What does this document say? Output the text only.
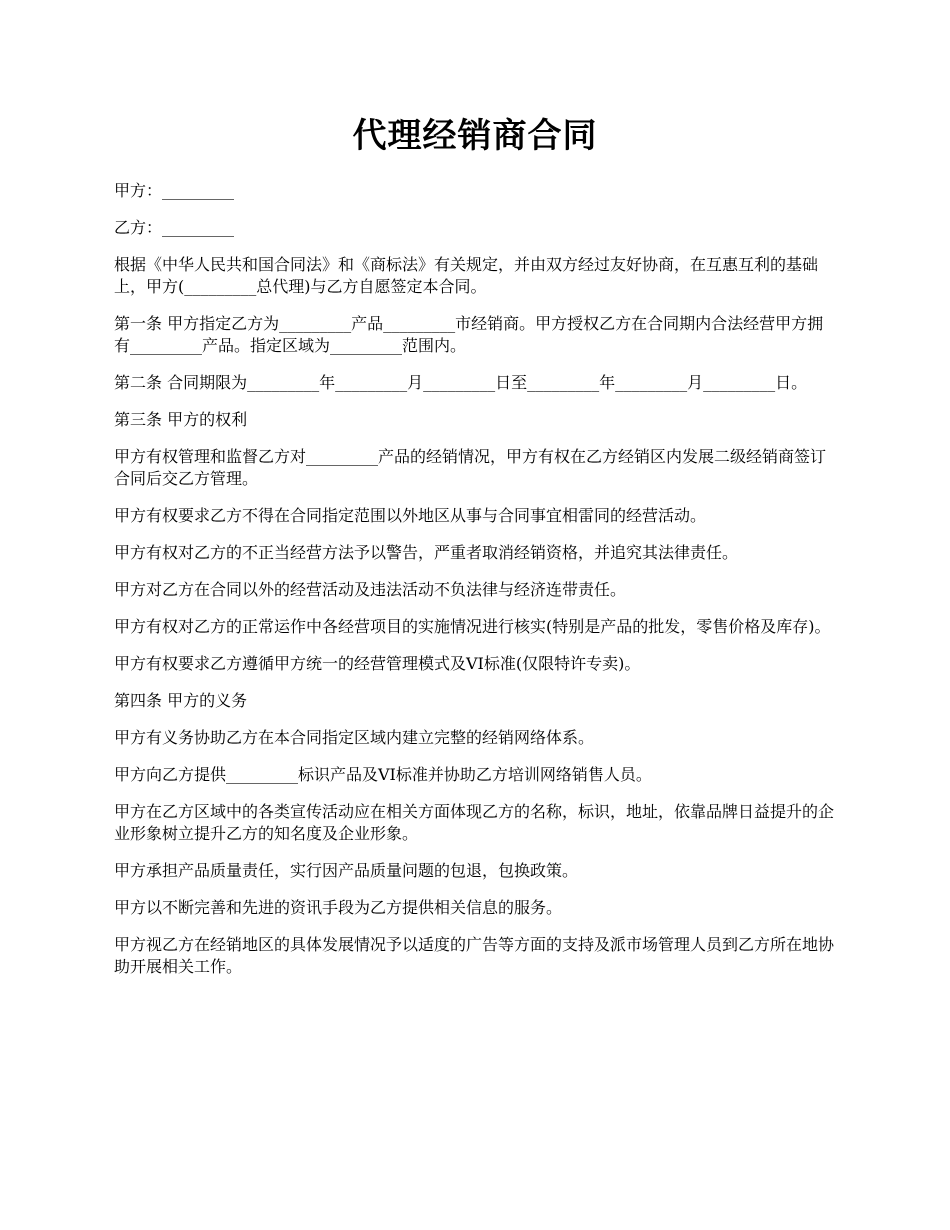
代理经销商合同

甲方：_________

乙方：_________

根据《中华人民共和国合同法》和《商标法》有关规定，并由双方经过友好协商，在互惠互利的基础上，甲方(_________总代理)与乙方自愿签定本合同。

第一条 甲方指定乙方为_________产品_________市经销商。甲方授权乙方在合同期内合法经营甲方拥有_________产品。指定区域为_________范围内。

第二条 合同期限为_________年_________月_________日至_________年_________月_________日。

第三条 甲方的权利

甲方有权管理和监督乙方对_________产品的经销情况，甲方有权在乙方经销区内发展二级经销商签订合同后交乙方管理。

甲方有权要求乙方不得在合同指定范围以外地区从事与合同事宜相雷同的经营活动。

甲方有权对乙方的不正当经营方法予以警告，严重者取消经销资格，并追究其法律责任。

甲方对乙方在合同以外的经营活动及违法活动不负法律与经济连带责任。

甲方有权对乙方的正常运作中各经营项目的实施情况进行核实(特别是产品的批发，零售价格及库存)。

甲方有权要求乙方遵循甲方统一的经营管理模式及VI标准(仅限特许专卖)。

第四条 甲方的义务

甲方有义务协助乙方在本合同指定区域内建立完整的经销网络体系。

甲方向乙方提供_________标识产品及VI标准并协助乙方培训网络销售人员。

甲方在乙方区域中的各类宣传活动应在相关方面体现乙方的名称，标识，地址，依靠品牌日益提升的企业形象树立提升乙方的知名度及企业形象。

甲方承担产品质量责任，实行因产品质量问题的包退，包换政策。

甲方以不断完善和先进的资讯手段为乙方提供相关信息的服务。

甲方视乙方在经销地区的具体发展情况予以适度的广告等方面的支持及派市场管理人员到乙方所在地协助开展相关工作。
